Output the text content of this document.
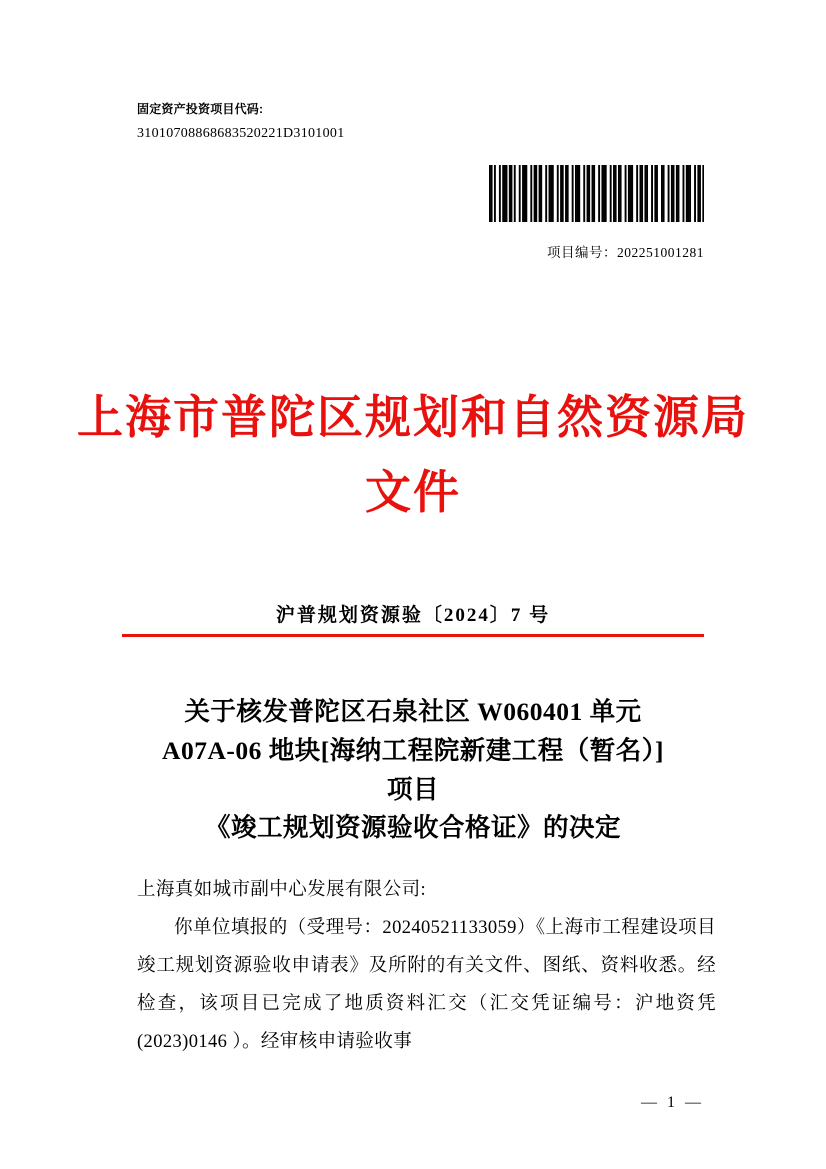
固定资产投资项目代码:
31010708868683520221D3101001
项目编号：202251001281
上海市普陀区规划和自然资源局
文件
沪普规划资源验〔2024〕7 号
关于核发普陀区石泉社区 W060401 单元
A07A-06 地块[海纳工程院新建工程（暂名）]
项目
《竣工规划资源验收合格证》的决定

上海真如城市副中心发展有限公司:

你单位填报的（受理号：20240521133059）《上海市工程建设项目竣工规划资源验收申请表》及所附的有关文件、图纸、资料收悉。经检查，该项目已完成了地质资料汇交（汇交凭证编号：沪地资凭(2023)0146 ）。经审核申请验收事

— 1 —
